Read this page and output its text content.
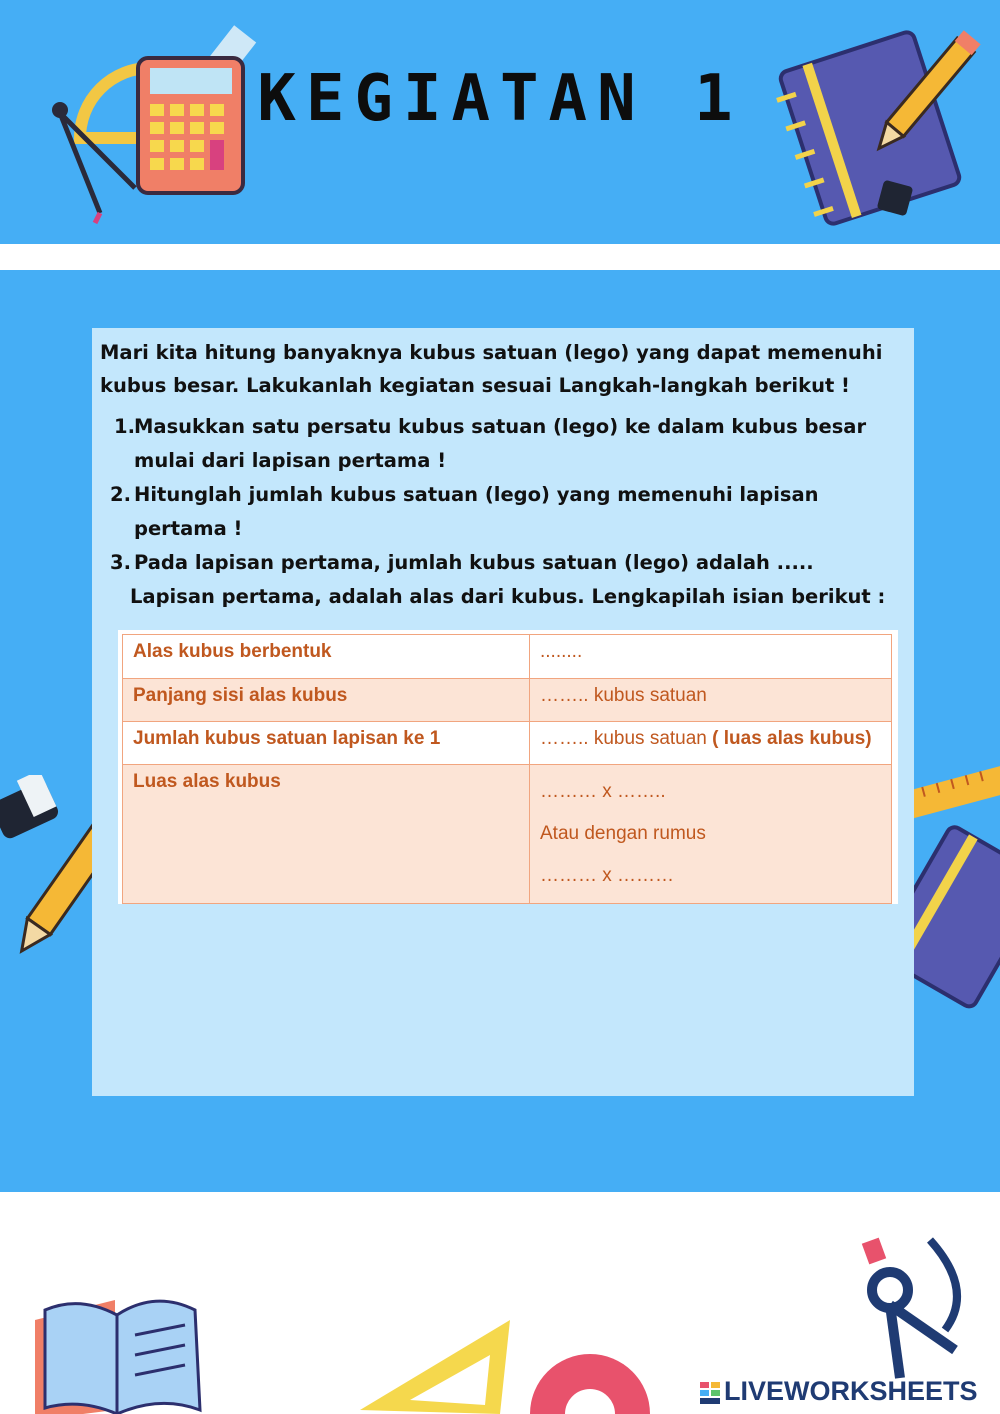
KEGIATAN 1
Mari kita hitung banyaknya kubus satuan (lego) yang dapat memenuhi kubus besar. Lakukanlah kegiatan sesuai Langkah-langkah berikut !
1. Masukkan satu persatu kubus satuan (lego) ke dalam kubus besar
mulai dari lapisan pertama !
2. Hitunglah jumlah kubus satuan (lego) yang memenuhi lapisan
pertama !
3. Pada lapisan pertama, jumlah kubus satuan (lego) adalah .....
Lapisan pertama, adalah alas dari kubus. Lengkapilah isian berikut :
Alas kubus berbentuk	........
Panjang sisi alas kubus	…….. kubus satuan
Jumlah kubus satuan lapisan ke 1	…….. kubus satuan ( luas alas kubus)
Luas alas kubus	……… x ……..
Atau dengan rumus
……… x ………
LIVEWORKSHEETS
